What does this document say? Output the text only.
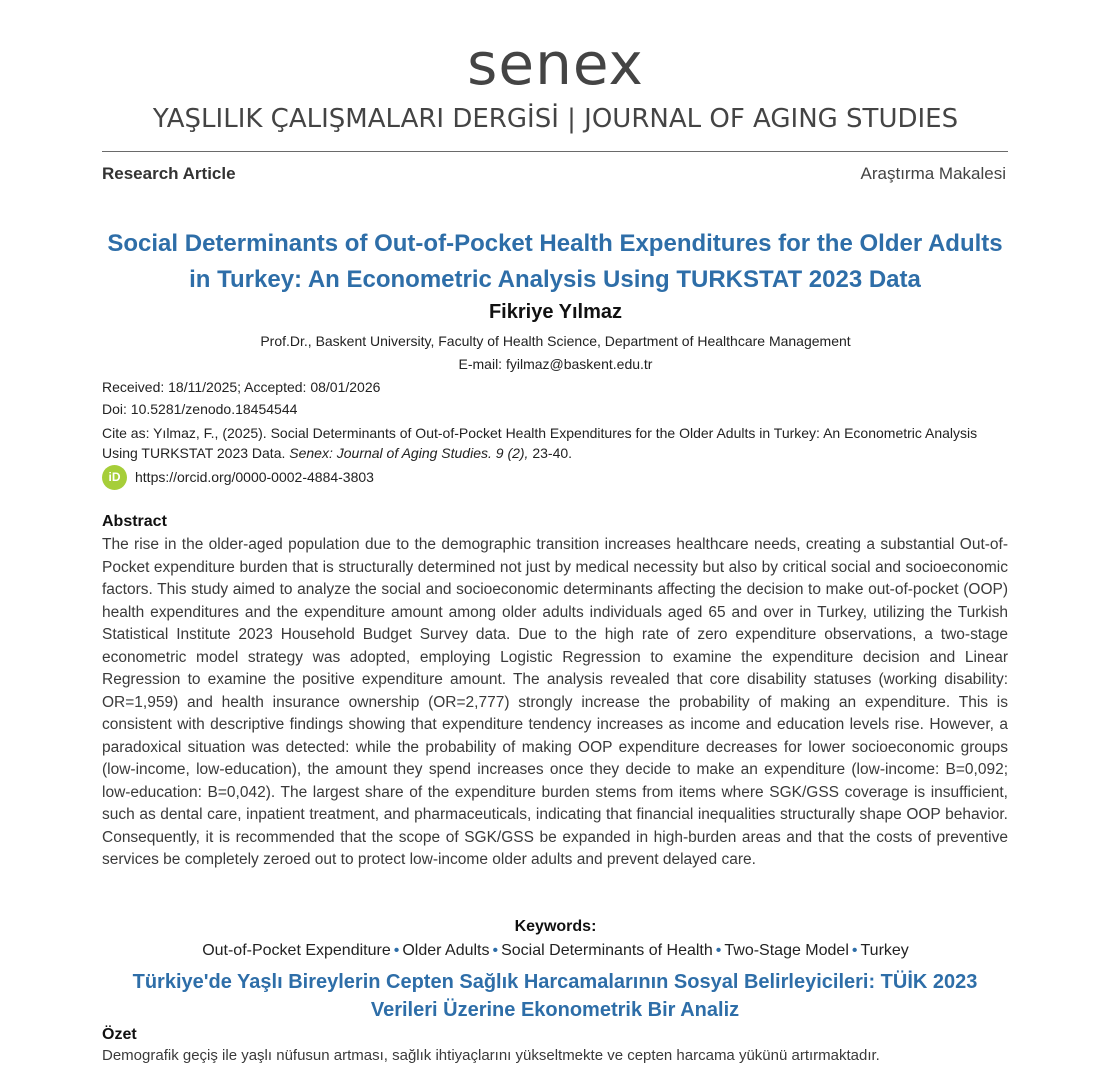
senex
YAŞLILIK ÇALIŞMALARI DERGİSİ | JOURNAL OF AGING STUDIES
Research Article	Araştırma Makalesi
Social Determinants of Out-of-Pocket Health Expenditures for the Older Adults in Turkey: An Econometric Analysis Using TURKSTAT 2023 Data
Fikriye Yılmaz
Prof.Dr., Baskent University, Faculty of Health Science, Department of Healthcare Management
E-mail: fyilmaz@baskent.edu.tr
Received: 18/11/2025; Accepted: 08/01/2026
Doi: 10.5281/zenodo.18454544
Cite as: Yılmaz, F., (2025). Social Determinants of Out-of-Pocket Health Expenditures for the Older Adults in Turkey: An Econometric Analysis Using TURKSTAT 2023 Data. Senex: Journal of Aging Studies. 9 (2), 23-40.
iD	https://orcid.org/0000-0002-4884-3803
Abstract
The rise in the older-aged population due to the demographic transition increases healthcare needs, creating a substantial Out-of-Pocket expenditure burden that is structurally determined not just by medical necessity but also by critical social and socioeconomic factors. This study aimed to analyze the social and socioeconomic determinants affecting the decision to make out-of-pocket (OOP) health expenditures and the expenditure amount among older adults individuals aged 65 and over in Turkey, utilizing the Turkish Statistical Institute 2023 Household Budget Survey data. Due to the high rate of zero expenditure observations, a two-stage econometric model strategy was adopted, employing Logistic Regression to examine the expenditure decision and Linear Regression to examine the positive expenditure amount. The analysis revealed that core disability statuses (working disability: OR=1,959) and health insurance ownership (OR=2,777) strongly increase the probability of making an expenditure. This is consistent with descriptive findings showing that expenditure tendency increases as income and education levels rise. However, a paradoxical situation was detected: while the probability of making OOP expenditure decreases for lower socioeconomic groups (low-income, low-education), the amount they spend increases once they decide to make an expenditure (low-income: B=0,092; low-education: B=0,042). The largest share of the expenditure burden stems from items where SGK/GSS coverage is insufficient, such as dental care, inpatient treatment, and pharmaceuticals, indicating that financial inequalities structurally shape OOP behavior. Consequently, it is recommended that the scope of SGK/GSS be expanded in high-burden areas and that the costs of preventive services be completely zeroed out to protect low-income older adults and prevent delayed care.
Keywords:
Out-of-Pocket Expenditure • Older Adults • Social Determinants of Health • Two-Stage Model • Turkey
Türkiye'de Yaşlı Bireylerin Cepten Sağlık Harcamalarının Sosyal Belirleyicileri: TÜİK 2023 Verileri Üzerine Ekonometrik Bir Analiz
Özet
Demografik geçiş ile yaşlı nüfusun artması, sağlık ihtiyaçlarını yükseltmekte ve cepten harcama yükünü artırmaktadır.
